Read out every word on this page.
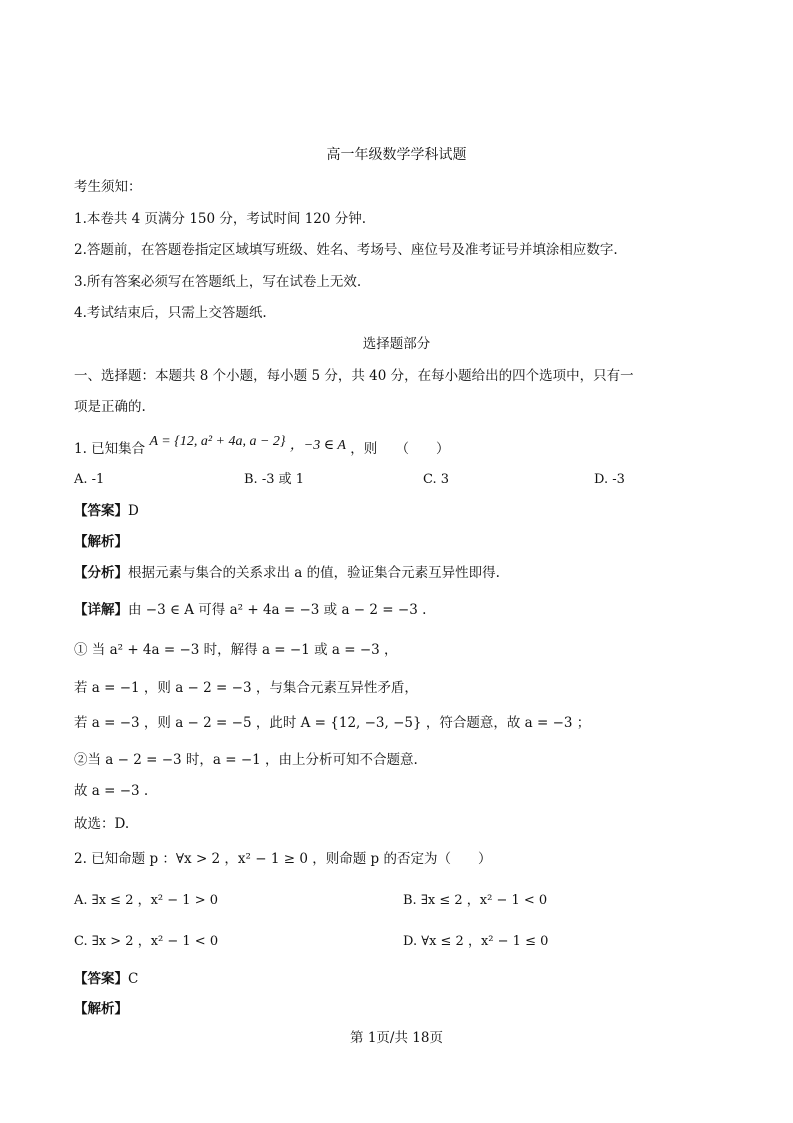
高一年级数学学科试题
考生须知：
1.本卷共 4 页满分 150 分，考试时间 120 分钟.
2.答题前，在答题卷指定区域填写班级、姓名、考场号、座位号及准考证号并填涂相应数字.
3.所有答案必须写在答题纸上，写在试卷上无效.
4.考试结束后，只需上交答题纸.
选择题部分
一、选择题：本题共 8 个小题，每小题 5 分，共 40 分，在每小题给出的四个选项中，只有一
项是正确的.
1. 已知集合 A = {12, a² + 4a, a − 2} ，−3 ∈ A ，则 （　　）
A. -1	B. -3 或 1	C. 3	D. -3
【答案】D
【解析】
【分析】根据元素与集合的关系求出 a 的值，验证集合元素互异性即得.
【详解】由 −3 ∈ A 可得 a² + 4a = −3 或 a − 2 = −3 .
① 当 a² + 4a = −3 时，解得 a = −1 或 a = −3 ，
若 a = −1 ，则 a − 2 = −3 ，与集合元素互异性矛盾，
若 a = −3 ，则 a − 2 = −5 ，此时 A = {12, −3, −5} ，符合题意，故 a = −3 ；
②当 a − 2 = −3 时，a = −1 ，由上分析可知不合题意.
故 a = −3 .
故选：D.
2. 已知命题 p ：∀x > 2 ，x² − 1 ≥ 0 ，则命题 p 的否定为（　　）
A. ∃x ≤ 2 ，x² − 1 > 0	B. ∃x ≤ 2 ，x² − 1 < 0
C. ∃x > 2 ，x² − 1 < 0	D. ∀x ≤ 2 ，x² − 1 ≤ 0
【答案】C
【解析】
第 1页/共 18页
